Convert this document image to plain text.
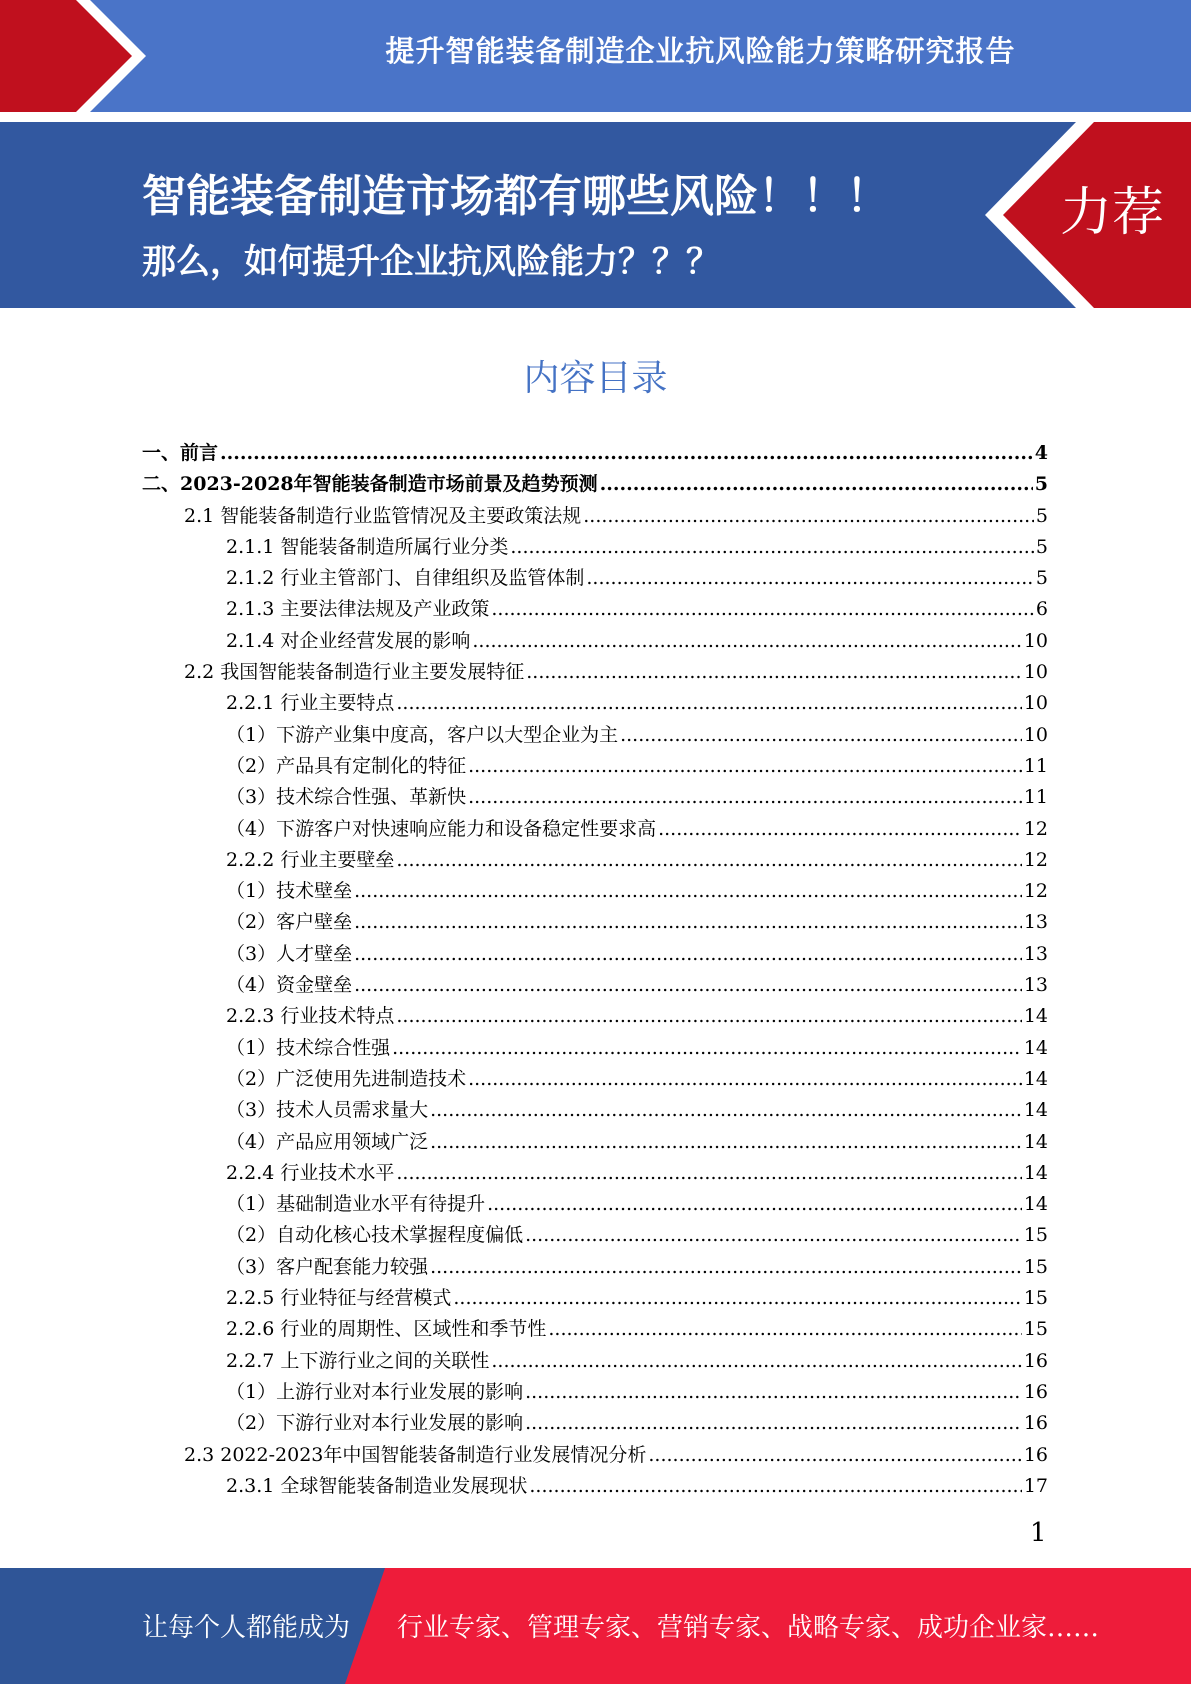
提升智能装备制造企业抗风险能力策略研究报告
智能装备制造市场都有哪些风险！！！
那么，如何提升企业抗风险能力？？？
力荐
内容目录
一、前言 .....	4
二、2023-2028年智能装备制造市场前景及趋势预测 .....	5
2.1 智能装备制造行业监管情况及主要政策法规 .....	5
2.1.1 智能装备制造所属行业分类 .....	5
2.1.2 行业主管部门、自律组织及监管体制 .....	5
2.1.3 主要法律法规及产业政策 .....	6
2.1.4 对企业经营发展的影响 .....	10
2.2 我国智能装备制造行业主要发展特征 .....	10
2.2.1 行业主要特点 .....	10
（1）下游产业集中度高，客户以大型企业为主 .....	10
（2）产品具有定制化的特征 .....	11
（3）技术综合性强、革新快 .....	11
（4）下游客户对快速响应能力和设备稳定性要求高 .....	12
2.2.2 行业主要壁垒 .....	12
（1）技术壁垒 .....	12
（2）客户壁垒 .....	13
（3）人才壁垒 .....	13
（4）资金壁垒 .....	13
2.2.3 行业技术特点 .....	14
（1）技术综合性强 .....	14
（2）广泛使用先进制造技术 .....	14
（3）技术人员需求量大 .....	14
（4）产品应用领域广泛 .....	14
2.2.4 行业技术水平 .....	14
（1）基础制造业水平有待提升 .....	14
（2）自动化核心技术掌握程度偏低 .....	15
（3）客户配套能力较强 .....	15
2.2.5 行业特征与经营模式 .....	15
2.2.6 行业的周期性、区域性和季节性 .....	15
2.2.7 上下游行业之间的关联性 .....	16
（1）上游行业对本行业发展的影响 .....	16
（2）下游行业对本行业发展的影响 .....	16
2.3 2022-2023年中国智能装备制造行业发展情况分析 .....	16
2.3.1 全球智能装备制造业发展现状 .....	17
1
让每个人都能成为 行业专家、管理专家、营销专家、战略专家、成功企业家……
